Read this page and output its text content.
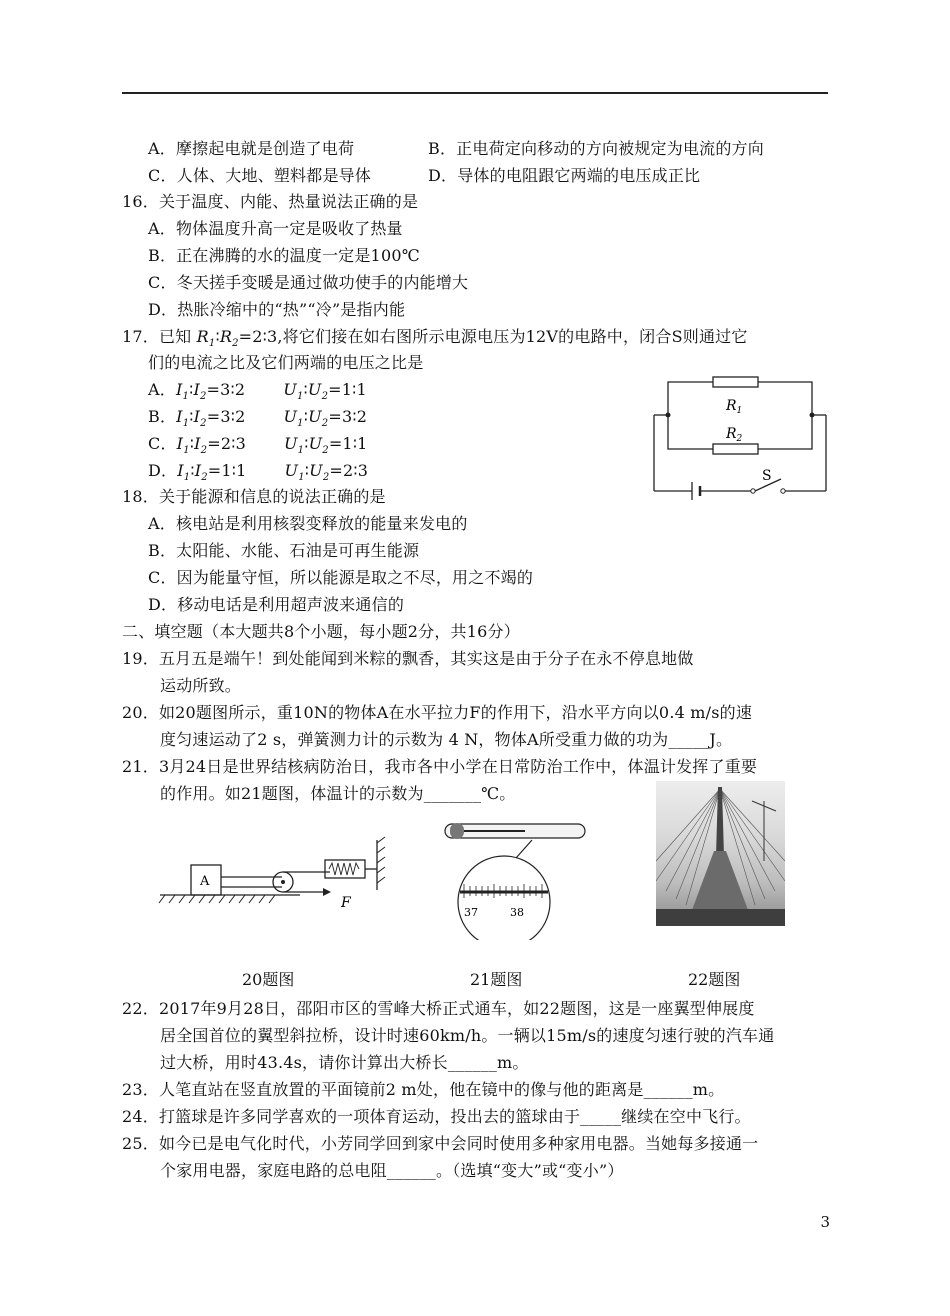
A．摩擦起电就是创造了电荷	B．正电荷定向移动的方向被规定为电流的方向
C．人体、大地、塑料都是导体	D．导体的电阻跟它两端的电压成正比
16．关于温度、内能、热量说法正确的是
A．物体温度升高一定是吸收了热量
B．正在沸腾的水的温度一定是100℃
C．冬天搓手变暖是通过做功使手的内能增大
D．热胀冷缩中的“热”“冷”是指内能
17．已知 $R_1∶R_2=2∶3$,将它们接在如右图所示电源电压为12V的电路中，闭合S则通过它
们的电流之比及它们两端的电压之比是
A．$I_1∶I_2=3∶2$ $U_1∶U_2=1∶1$
B．$I_1∶I_2=3∶2$ $U_1∶U_2=3∶2$
C．$I_1∶I_2=2∶3$ $U_1∶U_2=1∶1$
D．$I_1∶I_2=1∶1$ $U_1∶U_2=2∶3$
$R_1$
$R_2$
S
18．关于能源和信息的说法正确的是
A．核电站是利用核裂变释放的能量来发电的
B．太阳能、水能、石油是可再生能源
C．因为能量守恒，所以能源是取之不尽，用之不竭的
D．移动电话是利用超声波来通信的
二、填空题（本大题共8个小题，每小题2分，共16分）
19．五月五是端午！到处能闻到米粽的飘香，其实这是由于分子在永不停息地做
运动所致。
20．如20题图所示，重10N的物体A在水平拉力F的作用下，沿水平方向以0.4 m/s的速
度匀速运动了2 s，弹簧测力计的示数为 4 N，物体A所受重力做的功为_____J。
21．3月24日是世界结核病防治日，我市各中小学在日常防治工作中，体温计发挥了重要
的作用。如21题图，体温计的示数为_______℃。
A
F
37	38
20题图	21题图	22题图
22．2017年9月28日，邵阳市区的雪峰大桥正式通车，如22题图，这是一座翼型伸展度
居全国首位的翼型斜拉桥，设计时速60km/h。一辆以15m/s的速度匀速行驶的汽车通
过大桥，用时43.4s，请你计算出大桥长______m。
23．人笔直站在竖直放置的平面镜前2 m处，他在镜中的像与他的距离是______m。
24．打篮球是许多同学喜欢的一项体育运动，投出去的篮球由于_____继续在空中飞行。
25．如今已是电气化时代，小芳同学回到家中会同时使用多种家用电器。当她每多接通一
个家用电器，家庭电路的总电阻______。（选填“变大”或“变小”）
3
